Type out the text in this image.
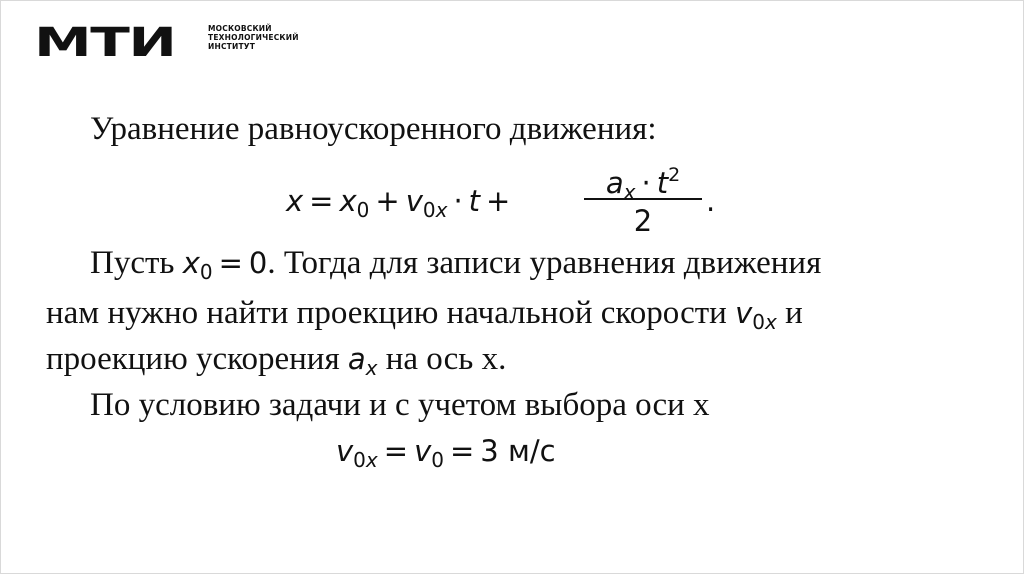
МТИ	МОСКОВСКИЙ
ТЕХНОЛОГИЧЕСКИЙ
ИНСТИТУТ
Уравнение равноускоренного движения:
$x = x_0 + v_0x \cdot t$ +
ax · $t^2$
2
.
Пусть $x_0 = 0$. Тогда для записи уравнения движения
нам нужно найти проекцию начальной скорости $v_0x$ и
проекцию ускорения ax на ось x.
По условию задачи и с учетом выбора оси x
$v_0x = v_0 = 3$ м/с
